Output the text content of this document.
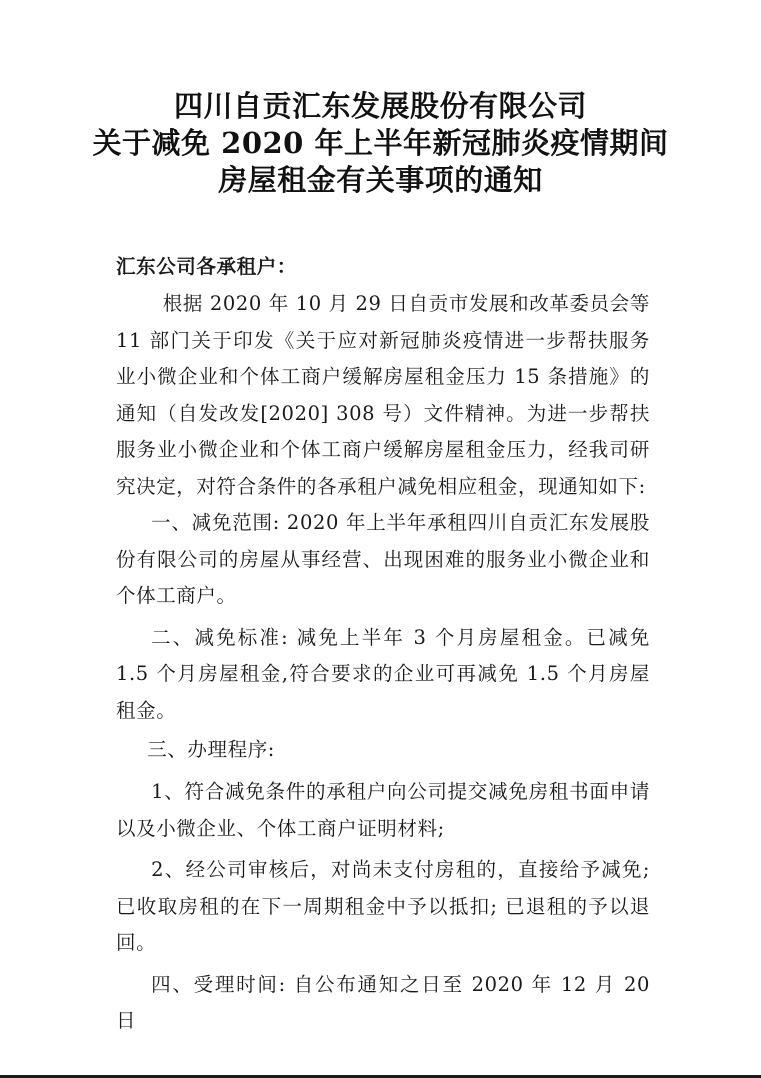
四川自贡汇东发展股份有限公司
关于减免 2020 年上半年新冠肺炎疫情期间
房屋租金有关事项的通知
汇东公司各承租户：

根据 2020 年 10 月 29 日自贡市发展和改革委员会等 11 部门关于印发《关于应对新冠肺炎疫情进一步帮扶服务业小微企业和个体工商户缓解房屋租金压力 15 条措施》的通知（自发改发[2020] 308 号）文件精神。为进一步帮扶服务业小微企业和个体工商户缓解房屋租金压力，经我司研究决定，对符合条件的各承租户减免相应租金，现通知如下:

一、减免范围: 2020 年上半年承租四川自贡汇东发展股份有限公司的房屋从事经营、出现困难的服务业小微企业和个体工商户。

二、减免标准: 减免上半年 3 个月房屋租金。已减免 1.5 个月房屋租金,符合要求的企业可再减免 1.5 个月房屋租金。

三、办理程序:

1、符合减免条件的承租户向公司提交减免房租书面申请以及小微企业、个体工商户证明材料;

2、经公司审核后，对尚未支付房租的，直接给予减免;已收取房租的在下一周期租金中予以抵扣; 已退租的予以退回。

四、受理时间: 自公布通知之日至 2020 年 12 月 20 日
